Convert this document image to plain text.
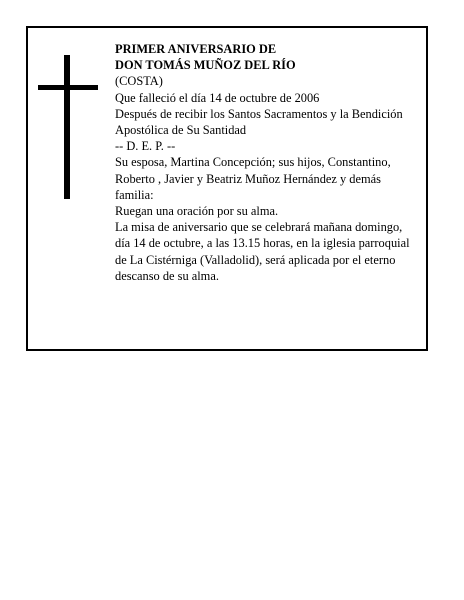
PRIMER ANIVERSARIO DE

DON TOMÁS MUÑOZ DEL RÍO

(COSTA)

Que falleció el día 14 de octubre de 2006

Después de recibir los Santos Sacramentos y la Bendición Apostólica de Su Santidad

-- D. E. P. --

Su esposa, Martina Concepción; sus hijos, Constantino, Roberto , Javier y Beatriz Muñoz Hernández y demás familia:

Ruegan una oración por su alma.

La misa de aniversario que se celebrará mañana domingo, día 14 de octubre, a las 13.15 horas, en la iglesia parroquial de La Cistérniga (Valladolid), será aplicada por el eterno descanso de su alma.
